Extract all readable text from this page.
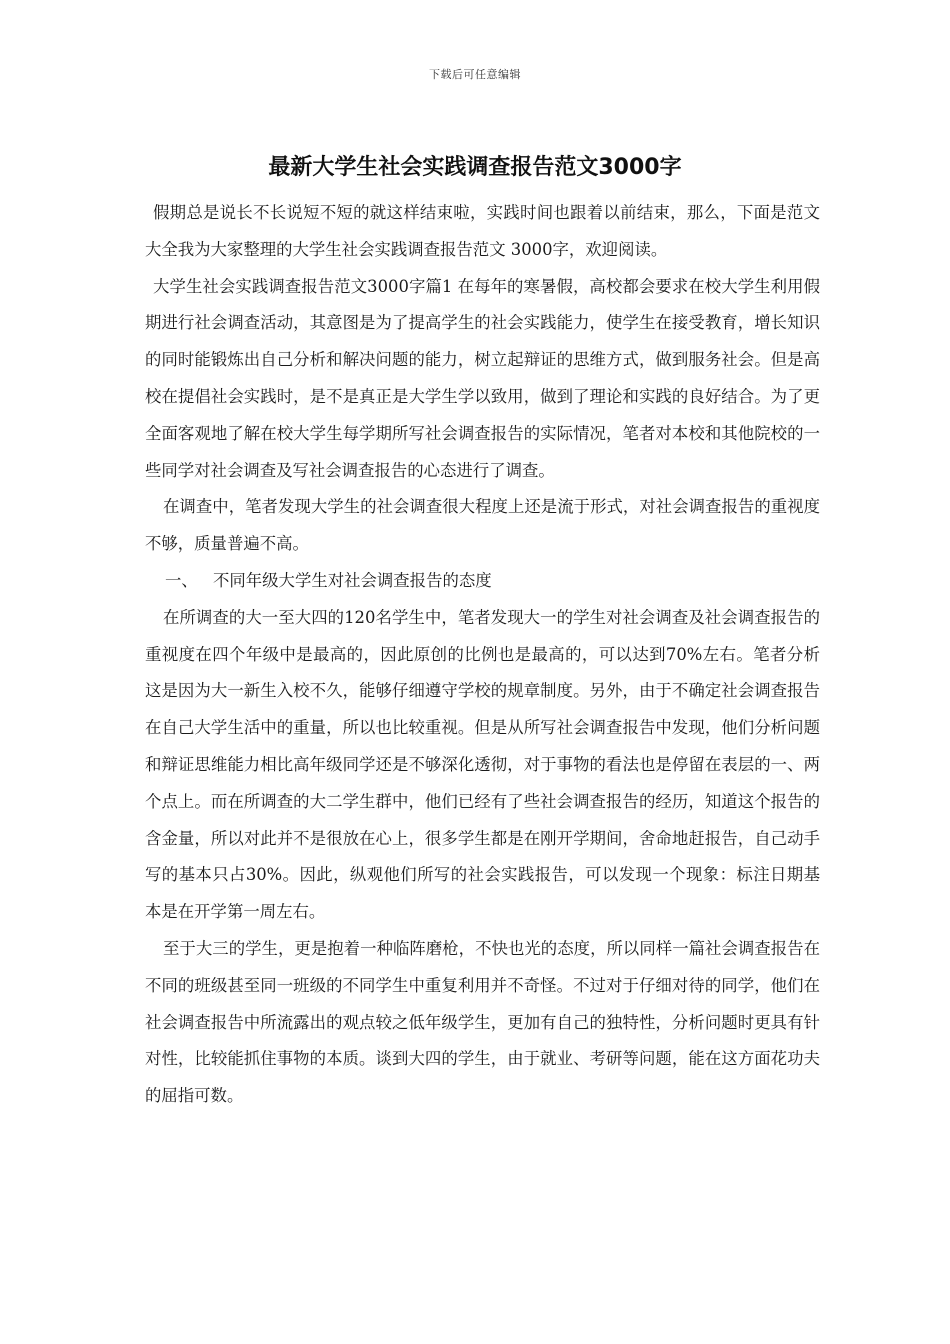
下载后可任意编辑
最新大学生社会实践调查报告范文3000字

假期总是说长不长说短不短的就这样结束啦，实践时间也跟着以前结束，那么，下面是范文大全我为大家整理的大学生社会实践调查报告范文 3000字，欢迎阅读。

大学生社会实践调查报告范文3000字篇1 在每年的寒暑假，高校都会要求在校大学生利用假期进行社会调查活动，其意图是为了提高学生的社会实践能力，使学生在接受教育，增长知识的同时能锻炼出自己分析和解决问题的能力，树立起辩证的思维方式，做到服务社会。但是高校在提倡社会实践时，是不是真正是大学生学以致用，做到了理论和实践的良好结合。为了更全面客观地了解在校大学生每学期所写社会调查报告的实际情况，笔者对本校和其他院校的一些同学对社会调查及写社会调查报告的心态进行了调查。

在调查中，笔者发现大学生的社会调查很大程度上还是流于形式，对社会调查报告的重视度不够，质量普遍不高。

一、 不同年级大学生对社会调查报告的态度

在所调查的大一至大四的120名学生中，笔者发现大一的学生对社会调查及社会调查报告的重视度在四个年级中是最高的，因此原创的比例也是最高的，可以达到70%左右。笔者分析这是因为大一新生入校不久，能够仔细遵守学校的规章制度。另外，由于不确定社会调查报告在自己大学生活中的重量，所以也比较重视。但是从所写社会调查报告中发现，他们分析问题和辩证思维能力相比高年级同学还是不够深化透彻，对于事物的看法也是停留在表层的一、两个点上。而在所调查的大二学生群中，他们已经有了些社会调查报告的经历，知道这个报告的含金量，所以对此并不是很放在心上，很多学生都是在刚开学期间，舍命地赶报告，自己动手写的基本只占30%。因此，纵观他们所写的社会实践报告，可以发现一个现象：标注日期基本是在开学第一周左右。

至于大三的学生，更是抱着一种临阵磨枪，不快也光的态度，所以同样一篇社会调查报告在不同的班级甚至同一班级的不同学生中重复利用并不奇怪。不过对于仔细对待的同学，他们在社会调查报告中所流露出的观点较之低年级学生，更加有自己的独特性，分析问题时更具有针对性，比较能抓住事物的本质。谈到大四的学生，由于就业、考研等问题，能在这方面花功夫的屈指可数。
